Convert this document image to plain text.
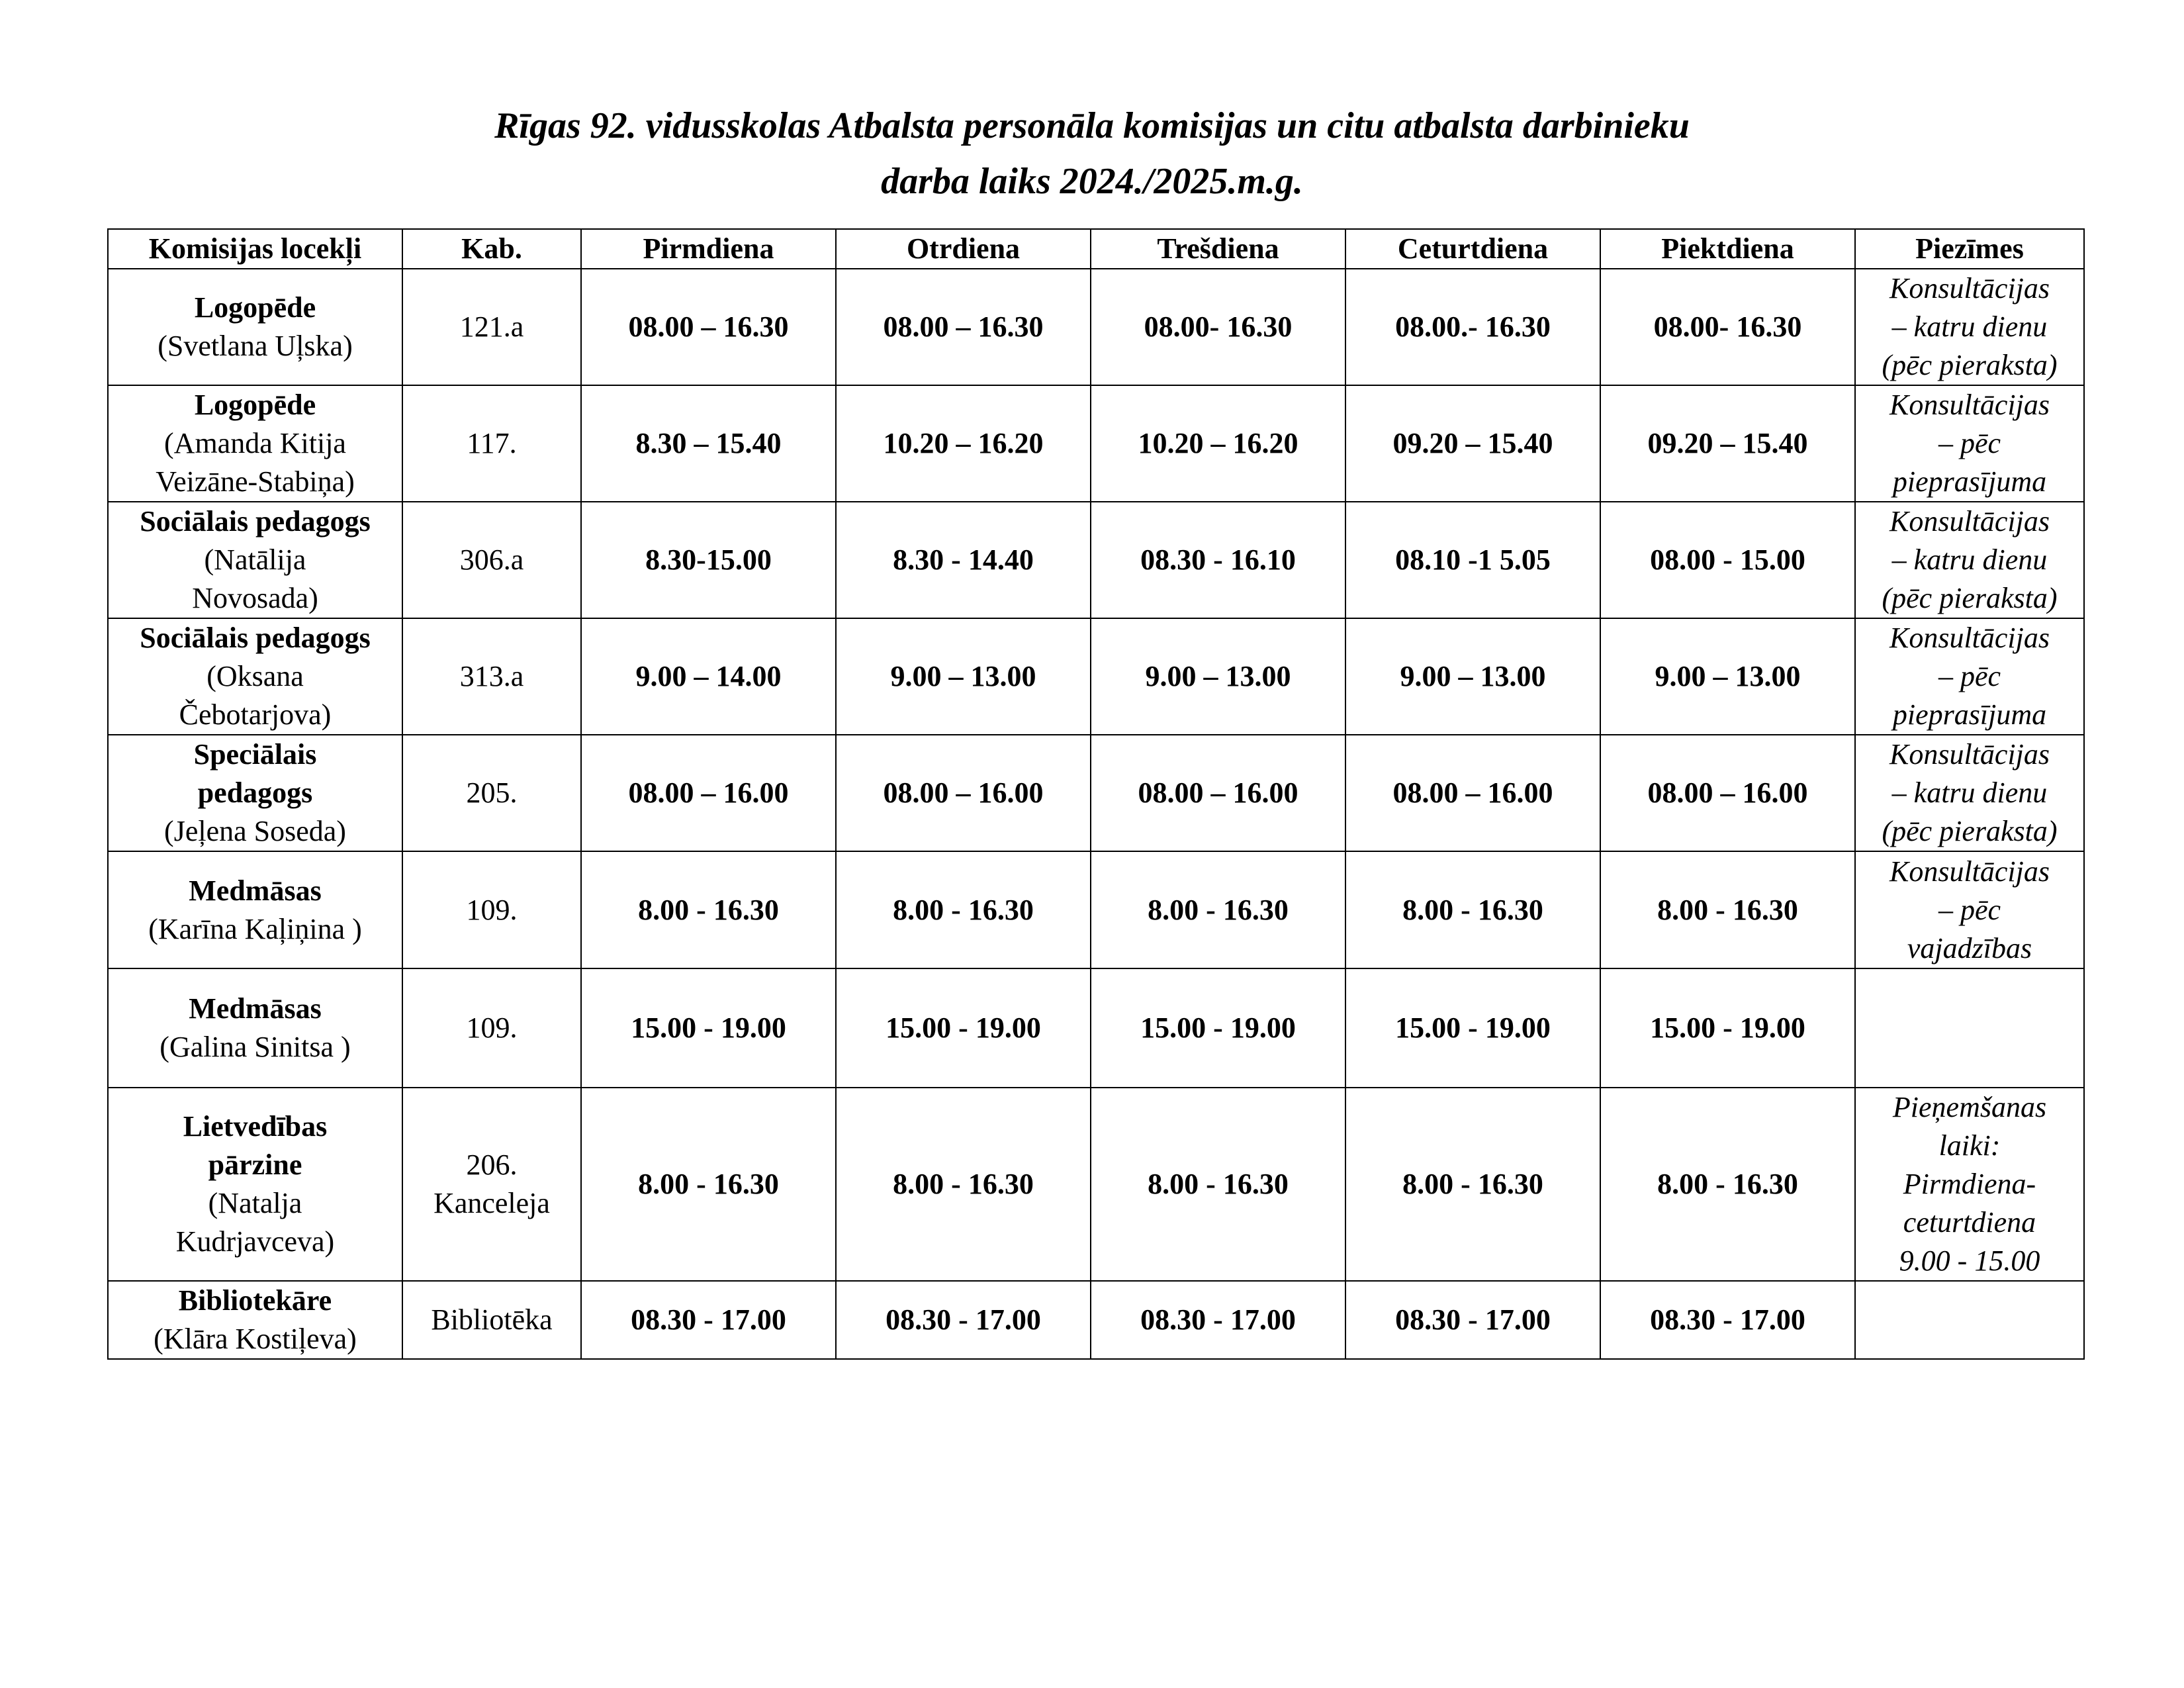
Rīgas 92. vidusskolas Atbalsta personāla komisijas un citu atbalsta darbinieku
darba laiks 2024./2025.m.g.
Komisijas locekļi	Kab.	Pirmdiena	Otrdiena	Trešdiena	Ceturtdiena	Piektdiena	Piezīmes

Logopēde
(Svetlana Uļska)	121.a	08.00 – 16.30	08.00 – 16.30	08.00- 16.30	08.00.- 16.30	08.00- 16.30	Konsultācijas
– katru dienu
(pēc pieraksta)

Logopēde
(Amanda Kitija
Veizāne-Stabiņa)	117.	8.30 – 15.40	10.20 – 16.20	10.20 – 16.20	09.20 – 15.40	09.20 – 15.40	Konsultācijas
– pēc
pieprasījuma

Sociālais pedagogs
(Natālija
Novosada)	306.a	8.30-15.00	8.30 - 14.40	08.30 - 16.10	08.10 -1 5.05	08.00 - 15.00	Konsultācijas
– katru dienu
(pēc pieraksta)

Sociālais pedagogs
(Oksana
Čebotarjova)	313.a	9.00 – 14.00	9.00 – 13.00	9.00 – 13.00	9.00 – 13.00	9.00 – 13.00	Konsultācijas
– pēc
pieprasījuma

Speciālais
pedagogs
(Jeļena Soseda)	205.	08.00 – 16.00	08.00 – 16.00	08.00 – 16.00	08.00 – 16.00	08.00 – 16.00	Konsultācijas
– katru dienu
(pēc pieraksta)

Medmāsas
(Karīna Kaļiņina )	109.	8.00 - 16.30	8.00 - 16.30	8.00 - 16.30	8.00 - 16.30	8.00 - 16.30	Konsultācijas
– pēc
vajadzības

Medmāsas
(Galina Sinitsa )	109.	15.00 - 19.00	15.00 - 19.00	15.00 - 19.00	15.00 - 19.00	15.00 - 19.00	

Lietvedības
pārzine
(Natalja
Kudrjavceva)	206.
Kanceleja	8.00 - 16.30	8.00 - 16.30	8.00 - 16.30	8.00 - 16.30	8.00 - 16.30	Pieņemšanas
laiki:
Pirmdiena-
ceturtdiena
9.00 - 15.00

Bibliotekāre
(Klāra Kostiļeva)	Bibliotēka	08.30 - 17.00	08.30 - 17.00	08.30 - 17.00	08.30 - 17.00	08.30 - 17.00	
